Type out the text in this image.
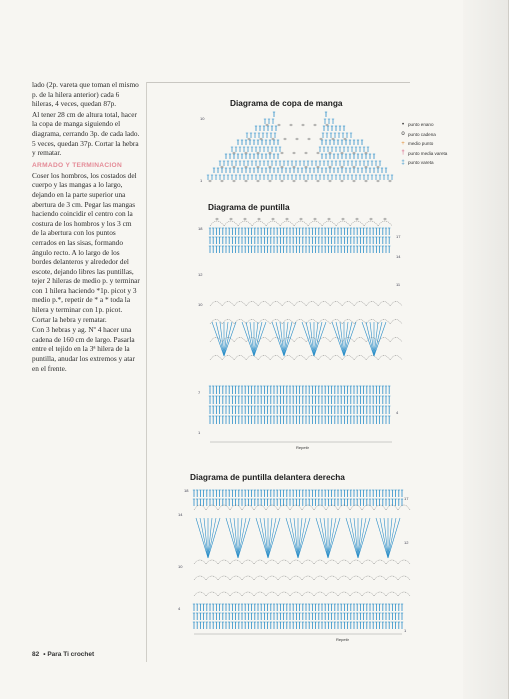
lado (2p. vareta que toman el mismo p. de la hilera anterior) cada 6 hileras, 4 veces, quedan 87p.

Al tener 28 cm de altura total, hacer la copa de manga siguiendo el diagrama, cerrando 3p. de cada lado. 5 veces, quedan 37p. Cortar la hebra y rematar.

ARMADO Y TERMINACION

Coser los hombros, los costados del cuerpo y las mangas a lo largo, dejando en la parte superior una abertura de 3 cm. Pegar las mangas haciendo coincidir el centro con la costura de los hombros y los 3 cm de la abertura con los puntos cerrados en las sisas, formando ángulo recto. A lo largo de los bordes delanteros y alrededor del escote, dejando libres las puntillas, tejer 2 hileras de medio p. y terminar con 1 hilera haciendo *1p. picot y 3 medio p.*, repetir de * a * toda la hilera y terminar con 1p. picot. Cortar la hebra y rematar.

Con 3 hebras y ag. Nº 4 hacer una cadena de 160 cm de largo. Pasarla entre el tejido en la 3ª hilera de la puntilla, anudar los extremos y atar en el frente.

Diagrama de copa de manga
Diagrama de puntilla
Diagrama de puntilla delantera derecha
• punto enano
o punto cadena
+ medio punto
† punto media vareta
‡ punto vareta
1
10
Repetir
18
17
14
12
11
10
7
4
1
Repetir
18
17
14
12
10
4
1
82 • Para Ti crochet
